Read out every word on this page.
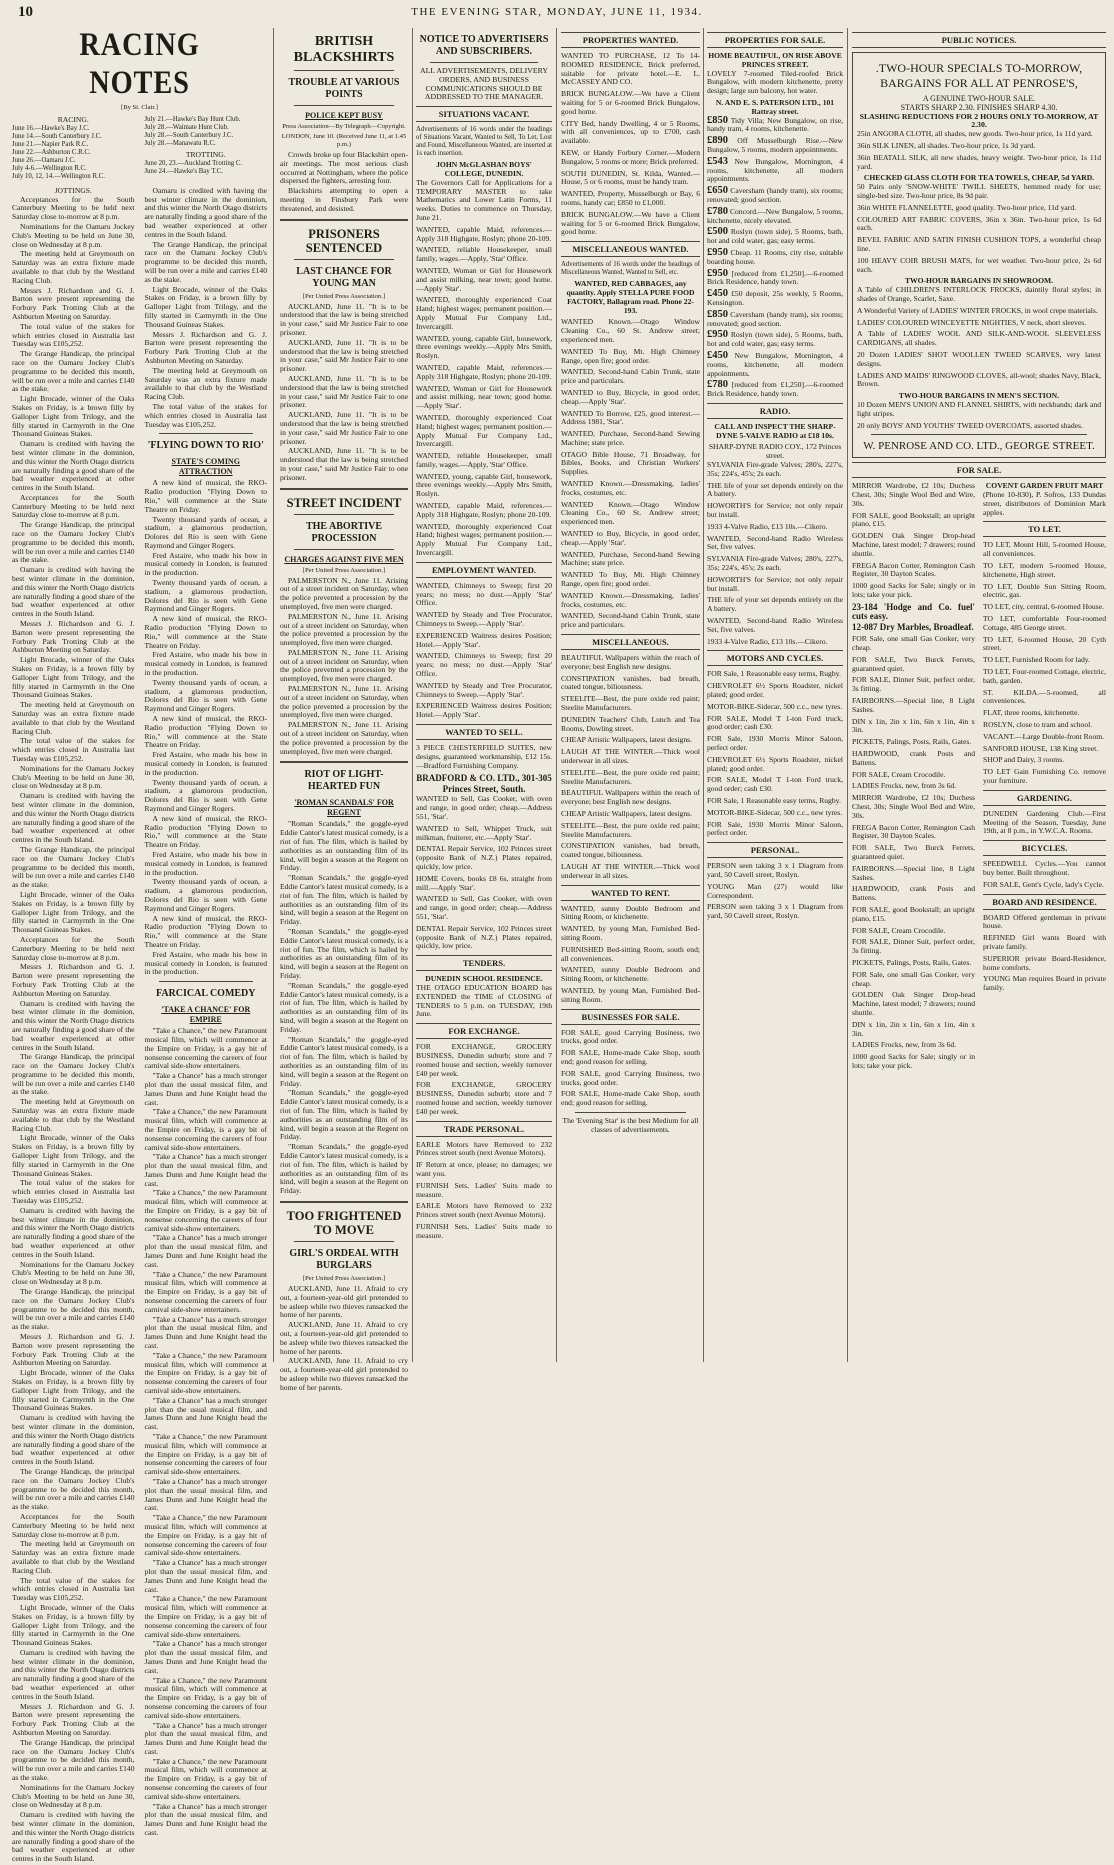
10	THE EVENING STAR, MONDAY, JUNE 11, 1934.
RACING NOTES
[By St. Clair.]
RACING.
June 16.—Hawke's Bay J.C.
June 14.—South Canterbury J.C.
June 21.—Napier Park R.C.
June 22.—Ashburton C.R.C.
June 26.—Oamaru J.C.
July 4-6.—Wellington R.C.
July 10, 12, 14.—Wellington R.C.
July 21.—Hawke's Bay Hunt Club.
July 28.—Waimate Hunt Club.
July 28.—South Canterbury J.C.
July 28.—Manawatu R.C.
TROTTING.
June 20, 23.—Auckland Trotting C.
June 24.—Hawke's Bay T.C.
JOTTINGS.

Acceptances for the South Canterbury Meeting to be held next Saturday close to-morrow at 8 p.m.

Nominations for the Oamaru Jockey Club's Meeting to be held on June 30, close on Wednesday at 8 p.m.

The meeting held at Greymouth on Saturday was an extra fixture made available to that club by the Westland Racing Club.

Messrs J. Richardson and G. J. Barton were present representing the Forbury Park Trotting Club at the Ashburton Meeting on Saturday.

The total value of the stakes for which entries closed in Australia last Tuesday was £105,252.

The Grange Handicap, the principal race on the Oamaru Jockey Club's programme to be decided this month, will be run over a mile and carries £140 as the stake.

Light Brocade, winner of the Oaks Stakes on Friday, is a brown filly by Galloper Light from Trilogy, and the filly started in Carmyrnth in the One Thousand Guineas Stakes.

Oamaru is credited with having the best winter climate in the dominion, and this winter the North Otago districts are naturally finding a good share of the bad weather experienced at other centres in the South Island.

Acceptances for the South Canterbury Meeting to be held next Saturday close to-morrow at 8 p.m.

The Grange Handicap, the principal race on the Oamaru Jockey Club's programme to be decided this month, will be run over a mile and carries £140 as the stake.

Oamaru is credited with having the best winter climate in the dominion, and this winter the North Otago districts are naturally finding a good share of the bad weather experienced at other centres in the South Island.

Messrs J. Richardson and G. J. Barton were present representing the Forbury Park Trotting Club at the Ashburton Meeting on Saturday.

Light Brocade, winner of the Oaks Stakes on Friday, is a brown filly by Galloper Light from Trilogy, and the filly started in Carmyrnth in the One Thousand Guineas Stakes.

The meeting held at Greymouth on Saturday was an extra fixture made available to that club by the Westland Racing Club.

The total value of the stakes for which entries closed in Australia last Tuesday was £105,252.

Nominations for the Oamaru Jockey Club's Meeting to be held on June 30, close on Wednesday at 8 p.m.

Oamaru is credited with having the best winter climate in the dominion, and this winter the North Otago districts are naturally finding a good share of the bad weather experienced at other centres in the South Island.

The Grange Handicap, the principal race on the Oamaru Jockey Club's programme to be decided this month, will be run over a mile and carries £140 as the stake.

Light Brocade, winner of the Oaks Stakes on Friday, is a brown filly by Galloper Light from Trilogy, and the filly started in Carmyrnth in the One Thousand Guineas Stakes.

Acceptances for the South Canterbury Meeting to be held next Saturday close to-morrow at 8 p.m.

Messrs J. Richardson and G. J. Barton were present representing the Forbury Park Trotting Club at the Ashburton Meeting on Saturday.

Oamaru is credited with having the best winter climate in the dominion, and this winter the North Otago districts are naturally finding a good share of the bad weather experienced at other centres in the South Island.

The Grange Handicap, the principal race on the Oamaru Jockey Club's programme to be decided this month, will be run over a mile and carries £140 as the stake.

The meeting held at Greymouth on Saturday was an extra fixture made available to that club by the Westland Racing Club.

Light Brocade, winner of the Oaks Stakes on Friday, is a brown filly by Galloper Light from Trilogy, and the filly started in Carmyrnth in the One Thousand Guineas Stakes.

The total value of the stakes for which entries closed in Australia last Tuesday was £105,252.

Oamaru is credited with having the best winter climate in the dominion, and this winter the North Otago districts are naturally finding a good share of the bad weather experienced at other centres in the South Island.

Nominations for the Oamaru Jockey Club's Meeting to be held on June 30, close on Wednesday at 8 p.m.

The Grange Handicap, the principal race on the Oamaru Jockey Club's programme to be decided this month, will be run over a mile and carries £140 as the stake.

Messrs J. Richardson and G. J. Barton were present representing the Forbury Park Trotting Club at the Ashburton Meeting on Saturday.

Light Brocade, winner of the Oaks Stakes on Friday, is a brown filly by Galloper Light from Trilogy, and the filly started in Carmyrnth in the One Thousand Guineas Stakes.

Oamaru is credited with having the best winter climate in the dominion, and this winter the North Otago districts are naturally finding a good share of the bad weather experienced at other centres in the South Island.

The Grange Handicap, the principal race on the Oamaru Jockey Club's programme to be decided this month, will be run over a mile and carries £140 as the stake.

Acceptances for the South Canterbury Meeting to be held next Saturday close to-morrow at 8 p.m.

The meeting held at Greymouth on Saturday was an extra fixture made available to that club by the Westland Racing Club.

The total value of the stakes for which entries closed in Australia last Tuesday was £105,252.

Light Brocade, winner of the Oaks Stakes on Friday, is a brown filly by Galloper Light from Trilogy, and the filly started in Carmyrnth in the One Thousand Guineas Stakes.

Oamaru is credited with having the best winter climate in the dominion, and this winter the North Otago districts are naturally finding a good share of the bad weather experienced at other centres in the South Island.

Messrs J. Richardson and G. J. Barton were present representing the Forbury Park Trotting Club at the Ashburton Meeting on Saturday.

The Grange Handicap, the principal race on the Oamaru Jockey Club's programme to be decided this month, will be run over a mile and carries £140 as the stake.

Nominations for the Oamaru Jockey Club's Meeting to be held on June 30, close on Wednesday at 8 p.m.

Oamaru is credited with having the best winter climate in the dominion, and this winter the North Otago districts are naturally finding a good share of the bad weather experienced at other centres in the South Island.

Oamaru is credited with having the best winter climate in the dominion, and this winter the North Otago districts are naturally finding a good share of the bad weather experienced at other centres in the South Island.

The Grange Handicap, the principal race on the Oamaru Jockey Club's programme to be decided this month, will be run over a mile and carries £140 as the stake.

Light Brocade, winner of the Oaks Stakes on Friday, is a brown filly by Galloper Light from Trilogy, and the filly started in Carmyrnth in the One Thousand Guineas Stakes.

Messrs J. Richardson and G. J. Barton were present representing the Forbury Park Trotting Club at the Ashburton Meeting on Saturday.

The meeting held at Greymouth on Saturday was an extra fixture made available to that club by the Westland Racing Club.

The total value of the stakes for which entries closed in Australia last Tuesday was £105,252.

'FLYING DOWN TO RIO'
STATE'S COMING ATTRACTION

A new kind of musical, the RKO-Radio production "Flying Down to Rio," will commence at the State Theatre on Friday.

Twenty thousand yards of ocean, a stadium, a glamorous production, Dolores del Rio is seen with Gene Raymond and Ginger Rogers.

Fred Astaire, who made his bow in musical comedy in London, is featured in the production.

Twenty thousand yards of ocean, a stadium, a glamorous production, Dolores del Rio is seen with Gene Raymond and Ginger Rogers.

A new kind of musical, the RKO-Radio production "Flying Down to Rio," will commence at the State Theatre on Friday.

Fred Astaire, who made his bow in musical comedy in London, is featured in the production.

Twenty thousand yards of ocean, a stadium, a glamorous production, Dolores del Rio is seen with Gene Raymond and Ginger Rogers.

A new kind of musical, the RKO-Radio production "Flying Down to Rio," will commence at the State Theatre on Friday.

Fred Astaire, who made his bow in musical comedy in London, is featured in the production.

Twenty thousand yards of ocean, a stadium, a glamorous production, Dolores del Rio is seen with Gene Raymond and Ginger Rogers.

A new kind of musical, the RKO-Radio production "Flying Down to Rio," will commence at the State Theatre on Friday.

Fred Astaire, who made his bow in musical comedy in London, is featured in the production.

Twenty thousand yards of ocean, a stadium, a glamorous production, Dolores del Rio is seen with Gene Raymond and Ginger Rogers.

A new kind of musical, the RKO-Radio production "Flying Down to Rio," will commence at the State Theatre on Friday.

Fred Astaire, who made his bow in musical comedy in London, is featured in the production.

FARCICAL COMEDY
'TAKE A CHANCE' FOR EMPIRE

"Take a Chance," the new Paramount musical film, which will commence at the Empire on Friday, is a gay bit of nonsense concerning the careers of four carnival side-show entertainers.

"Take a Chance" has a much stronger plot than the usual musical film, and James Dunn and June Knight head the cast.

"Take a Chance," the new Paramount musical film, which will commence at the Empire on Friday, is a gay bit of nonsense concerning the careers of four carnival side-show entertainers.

"Take a Chance" has a much stronger plot than the usual musical film, and James Dunn and June Knight head the cast.

"Take a Chance," the new Paramount musical film, which will commence at the Empire on Friday, is a gay bit of nonsense concerning the careers of four carnival side-show entertainers.

"Take a Chance" has a much stronger plot than the usual musical film, and James Dunn and June Knight head the cast.

"Take a Chance," the new Paramount musical film, which will commence at the Empire on Friday, is a gay bit of nonsense concerning the careers of four carnival side-show entertainers.

"Take a Chance" has a much stronger plot than the usual musical film, and James Dunn and June Knight head the cast.

"Take a Chance," the new Paramount musical film, which will commence at the Empire on Friday, is a gay bit of nonsense concerning the careers of four carnival side-show entertainers.

"Take a Chance" has a much stronger plot than the usual musical film, and James Dunn and June Knight head the cast.

"Take a Chance," the new Paramount musical film, which will commence at the Empire on Friday, is a gay bit of nonsense concerning the careers of four carnival side-show entertainers.

"Take a Chance" has a much stronger plot than the usual musical film, and James Dunn and June Knight head the cast.

"Take a Chance," the new Paramount musical film, which will commence at the Empire on Friday, is a gay bit of nonsense concerning the careers of four carnival side-show entertainers.

"Take a Chance" has a much stronger plot than the usual musical film, and James Dunn and June Knight head the cast.

"Take a Chance," the new Paramount musical film, which will commence at the Empire on Friday, is a gay bit of nonsense concerning the careers of four carnival side-show entertainers.

"Take a Chance" has a much stronger plot than the usual musical film, and James Dunn and June Knight head the cast.

"Take a Chance," the new Paramount musical film, which will commence at the Empire on Friday, is a gay bit of nonsense concerning the careers of four carnival side-show entertainers.

"Take a Chance" has a much stronger plot than the usual musical film, and James Dunn and June Knight head the cast.

"Take a Chance," the new Paramount musical film, which will commence at the Empire on Friday, is a gay bit of nonsense concerning the careers of four carnival side-show entertainers.

"Take a Chance" has a much stronger plot than the usual musical film, and James Dunn and June Knight head the cast.

BRITISH BLACKSHIRTS
TROUBLE AT VARIOUS POINTS
POLICE KEPT BUSY
Press Association—By Telegraph—Copyright.
LONDON, June 10. (Received June 11, at 1.45 p.m.)

Crowds broke up four Blackshirt open-air meetings. The most serious clash occurred at Nottingham, where the police dispersed the fighters, arresting four.

Blackshirts attempting to open a meeting in Finsbury Park were threatened, and desisted.

PRISONERS SENTENCED
LAST CHANCE FOR YOUNG MAN
[Per United Press Association.]

AUCKLAND, June 11. "It is to be understood that the law is being stretched in your case," said Mr Justice Fair to one prisoner.

AUCKLAND, June 11. "It is to be understood that the law is being stretched in your case," said Mr Justice Fair to one prisoner.

AUCKLAND, June 11. "It is to be understood that the law is being stretched in your case," said Mr Justice Fair to one prisoner.

AUCKLAND, June 11. "It is to be understood that the law is being stretched in your case," said Mr Justice Fair to one prisoner.

AUCKLAND, June 11. "It is to be understood that the law is being stretched in your case," said Mr Justice Fair to one prisoner.

STREET INCIDENT
THE ABORTIVE PROCESSION
CHARGES AGAINST FIVE MEN
[Per United Press Association.]

PALMERSTON N., June 11. Arising out of a street incident on Saturday, when the police prevented a procession by the unemployed, five men were charged.

PALMERSTON N., June 11. Arising out of a street incident on Saturday, when the police prevented a procession by the unemployed, five men were charged.

PALMERSTON N., June 11. Arising out of a street incident on Saturday, when the police prevented a procession by the unemployed, five men were charged.

PALMERSTON N., June 11. Arising out of a street incident on Saturday, when the police prevented a procession by the unemployed, five men were charged.

PALMERSTON N., June 11. Arising out of a street incident on Saturday, when the police prevented a procession by the unemployed, five men were charged.

RIOT OF LIGHT-HEARTED FUN
'ROMAN SCANDALS' FOR REGENT

"Roman Scandals," the goggle-eyed Eddie Cantor's latest musical comedy, is a riot of fun. The film, which is hailed by authorities as an outstanding film of its kind, will begin a season at the Regent on Friday.

"Roman Scandals," the goggle-eyed Eddie Cantor's latest musical comedy, is a riot of fun. The film, which is hailed by authorities as an outstanding film of its kind, will begin a season at the Regent on Friday.

"Roman Scandals," the goggle-eyed Eddie Cantor's latest musical comedy, is a riot of fun. The film, which is hailed by authorities as an outstanding film of its kind, will begin a season at the Regent on Friday.

"Roman Scandals," the goggle-eyed Eddie Cantor's latest musical comedy, is a riot of fun. The film, which is hailed by authorities as an outstanding film of its kind, will begin a season at the Regent on Friday.

"Roman Scandals," the goggle-eyed Eddie Cantor's latest musical comedy, is a riot of fun. The film, which is hailed by authorities as an outstanding film of its kind, will begin a season at the Regent on Friday.

"Roman Scandals," the goggle-eyed Eddie Cantor's latest musical comedy, is a riot of fun. The film, which is hailed by authorities as an outstanding film of its kind, will begin a season at the Regent on Friday.

"Roman Scandals," the goggle-eyed Eddie Cantor's latest musical comedy, is a riot of fun. The film, which is hailed by authorities as an outstanding film of its kind, will begin a season at the Regent on Friday.

TOO FRIGHTENED TO MOVE
GIRL'S ORDEAL WITH BURGLARS
[Per United Press Association.]

AUCKLAND, June 11. Afraid to cry out, a fourteen-year-old girl pretended to be asleep while two thieves ransacked the home of her parents.

AUCKLAND, June 11. Afraid to cry out, a fourteen-year-old girl pretended to be asleep while two thieves ransacked the home of her parents.

AUCKLAND, June 11. Afraid to cry out, a fourteen-year-old girl pretended to be asleep while two thieves ransacked the home of her parents.

NOTICE TO ADVERTISERS AND SUBSCRIBERS.

ALL ADVERTISEMENTS, DELIVERY ORDERS, AND BUSINESS COMMUNICATIONS SHOULD BE ADDRESSED TO THE MANAGER.

SITUATIONS VACANT.

Advertisements of 16 words under the headings of Situations Vacant, Wanted to Sell, To Let, Lost and Found, Miscellaneous Wanted, are inserted at 1s each insertion.

JOHN McGLASHAN BOYS' COLLEGE, DUNEDIN.

The Governors Call for Applications for a TEMPORARY MASTER to take Mathematics and Lower Latin Forms, 11 weeks. Duties to commence on Thursday, June 21.

WANTED, capable Maid, references.—Apply 318 Highgate, Roslyn; phone 20-109.

WANTED, reliable Housekeeper, small family, wages.—Apply, 'Star' Office.

WANTED, Woman or Girl for Housework and assist milking, near town; good home.—Apply 'Star'.

WANTED, thoroughly experienced Coat Hand; highest wages; permanent position.—Apply Mutual Fur Company Ltd., Invercargill.

WANTED, young, capable Girl, housework, three evenings weekly.—Apply Mrs Smith, Roslyn.

WANTED, capable Maid, references.—Apply 318 Highgate, Roslyn; phone 20-109.

WANTED, Woman or Girl for Housework and assist milking, near town; good home.—Apply 'Star'.

WANTED, thoroughly experienced Coat Hand; highest wages; permanent position.—Apply Mutual Fur Company Ltd., Invercargill.

WANTED, reliable Housekeeper, small family, wages.—Apply, 'Star' Office.

WANTED, young, capable Girl, housework, three evenings weekly.—Apply Mrs Smith, Roslyn.

WANTED, capable Maid, references.—Apply 318 Highgate, Roslyn; phone 20-109.

WANTED, thoroughly experienced Coat Hand; highest wages; permanent position.—Apply Mutual Fur Company Ltd., Invercargill.

EMPLOYMENT WANTED.

WANTED, Chimneys to Sweep; first 20 years; no mess; no dust.—Apply 'Star' Office.

WANTED by Steady and Tree Procurator, Chimneys to Sweep.—Apply 'Star'.

EXPERIENCED Waitress desires Position; Hotel.—Apply 'Star'.

WANTED, Chimneys to Sweep; first 20 years; no mess; no dust.—Apply 'Star' Office.

WANTED by Steady and Tree Procurator, Chimneys to Sweep.—Apply 'Star'.

EXPERIENCED Waitress desires Position; Hotel.—Apply 'Star'.

WANTED TO SELL.

3 PIECE CHESTERFIELD SUITES, new designs, guaranteed workmanship, £12 15s.—Bradford Furnishing Company.

BRADFORD & CO. LTD., 301-305 Princes Street, South.

WANTED to Sell, Gas Cooker, with oven and range, in good order; cheap.—Address 551, 'Star'.

WANTED to Sell, Whippet Truck, suit milkman, fruiterer, etc.—Apply 'Star'.

DENTAL Repair Service, 102 Princes street (opposite Bank of N.Z.) Plates repaired, quickly, low price.

HOME Covers, books £8 6s, straight from mill.—Apply 'Star'.

WANTED to Sell, Gas Cooker, with oven and range, in good order; cheap.—Address 551, 'Star'.

DENTAL Repair Service, 102 Princes street (opposite Bank of N.Z.) Plates repaired, quickly, low price.

TENDERS.
DUNEDIN SCHOOL RESIDENCE.

THE OTAGO EDUCATION BOARD has EXTENDED the TIME of CLOSING of TENDERS to 5 p.m. on TUESDAY, 19th June.

FOR EXCHANGE.

FOR EXCHANGE, GROCERY BUSINESS, Dunedin suburb; store and 7 roomed house and section, weekly turnover £40 per week.

FOR EXCHANGE, GROCERY BUSINESS, Dunedin suburb; store and 7 roomed house and section, weekly turnover £40 per week.

TRADE PERSONAL.

EARLE Motors have Removed to 232 Princes street south (next Avenue Motors).

IF Return at once, please; no damages; we want you.

FURNISH Sets, Ladies' Suits made to measure.

EARLE Motors have Removed to 232 Princes street south (next Avenue Motors).

FURNISH Sets, Ladies' Suits made to measure.

PROPERTIES WANTED.

WANTED TO PURCHASE, 12 To 14-ROOMED RESIDENCE, Brick preferred, suitable for private hotel.—E. L. McCASSEY AND CO.

BRICK BUNGALOW.—We have a Client waiting for 5 or 6-roomed Brick Bungalow, good home.

CITY Bed, handy Dwelling, 4 or 5 Rooms, with all conveniences, up to £700, cash available.

KEW, or Handy Forbury Corner.—Modern Bungalow, 5 rooms or more; Brick preferred.

SOUTH DUNEDIN, St. Kilda, Wanted.—House, 5 or 6 rooms, must be handy tram.

WANTED, Property, Musselburgh or Bay, 6 rooms, handy car; £850 to £1,000.

BRICK BUNGALOW.—We have a Client waiting for 5 or 6-roomed Brick Bungalow, good home.

MISCELLANEOUS WANTED.

Advertisements of 16 words under the headings of Miscellaneous Wanted, Wanted to Sell, etc.

WANTED, RED CABBAGES, any quantity. Apply STELLA PURE FOOD FACTORY, Ballagram road. Phone 22-193.

WANTED Known.—Otago Window Cleaning Co., 60 St. Andrew street; experienced men.

WANTED To Buy, Mt. High Chimney Range, open fire; good order.

WANTED, Second-hand Cabin Trunk, state price and particulars.

WANTED to Buy, Bicycle, in good order, cheap.—Apply 'Star'.

WANTED To Borrow, £25, good interest.—Address 1981, 'Star'.

WANTED, Purchase, Second-hand Sewing Machine; state price.

OTAGO Bible House, 71 Broadway, for Bibles, Books, and Christian Workers' Supplies.

WANTED Known.—Dressmaking, ladies' frocks, costumes, etc.

WANTED Known.—Otago Window Cleaning Co., 60 St. Andrew street; experienced men.

WANTED to Buy, Bicycle, in good order, cheap.—Apply 'Star'.

WANTED, Purchase, Second-hand Sewing Machine; state price.

WANTED To Buy, Mt. High Chimney Range, open fire; good order.

WANTED Known.—Dressmaking, ladies' frocks, costumes, etc.

WANTED, Second-hand Cabin Trunk, state price and particulars.

MISCELLANEOUS.

BEAUTIFUL Wallpapers within the reach of everyone; best English new designs.

CONSTIPATION vanishes, bad breath, coated tongue, biliousness.

STEELITE—Best, the pure oxide red paint; Steelite Manufacturers.

DUNEDIN Teachers' Club, Lunch and Tea Rooms, Dowling street.

CHEAP Artistic Wallpapers, latest designs.

LAUGH AT THE WINTER.—Thick wool underwear in all sizes.

STEELITE—Best, the pure oxide red paint; Steelite Manufacturers.

BEAUTIFUL Wallpapers within the reach of everyone; best English new designs.

CHEAP Artistic Wallpapers, latest designs.

STEELITE—Best, the pure oxide red paint; Steelite Manufacturers.

CONSTIPATION vanishes, bad breath, coated tongue, biliousness.

LAUGH AT THE WINTER.—Thick wool underwear in all sizes.

WANTED TO RENT.

WANTED, sunny Double Bedroom and Sitting Room, or kitchenette.

WANTED, by young Man, Furnished Bed-sitting Room.

FURNISHED Bed-sitting Room, south end; all conveniences.

WANTED, sunny Double Bedroom and Sitting Room, or kitchenette.

WANTED, by young Man, Furnished Bed-sitting Room.

BUSINESSES FOR SALE.

FOR SALE, good Carrying Business, two trucks, good order.

FOR SALE, Home-made Cake Shop, south end; good reason for selling.

FOR SALE, good Carrying Business, two trucks, good order.

FOR SALE, Home-made Cake Shop, south end; good reason for selling.

The 'Evening Star' is the best Medium for all classes of advertisements.

PROPERTIES FOR SALE.
HOME BEAUTIFUL, ON RISE ABOVE PRINCES STREET.

LOVELY 7-roomed Tiled-roofed Brick Bungalow, with modern kitchenette, pretty design; large sun balcony, hot water.

N. AND E. S. PATERSON LTD., 101 Rattray street.
£850 Tidy Villa; New Bungalow, on rise, handy tram, 4 rooms, kitchenette.
£890 Off Musselburgh Rise.—New Bungalow, 5 rooms, modern appointments.
£543 New Bungalow, Mornington, 4 rooms, kitchenette, all modern appointments.
£650 Caversham (handy tram), six rooms; renovated; good section.
£780 Concord.—New Bungalow, 5 rooms, kitchenette, nicely elevated.
£500 Roslyn (town side), 5 Rooms, bath, hot and cold water, gas; easy terms.
£950 Cheap. 11 Rooms, city rise, suitable boarding house.
£950 [reduced from £1,250].—6-roomed Brick Residence, handy town.
£450 £50 deposit, 25s weekly, 5 Rooms, Kensington.
£850 Caversham (handy tram), six rooms; renovated; good section.
£950 Roslyn (town side), 5 Rooms, bath, hot and cold water, gas; easy terms.
£450 New Bungalow, Mornington, 4 rooms, kitchenette, all modern appointments.
£780 [reduced from £1,250].—6-roomed Brick Residence, handy town.
RADIO.

CALL AND INSPECT THE SHARP-DYNE 5-VALVE RADIO at £18 10s.

SHARP-DYNE RADIO COY., 172 Princes street.

SYLVANIA Fire-grade Valves; 280's, 227's, 35s; 224's, 45's; 2s each.

THE life of your set depends entirely on the A battery.

HOWORTH'S for Service; not only repair but install.

1933 4-Valve Radio, £13 10s.—Cikero.

WANTED, Second-hand Radio Wireless Set, five valves.

SYLVANIA Fire-grade Valves; 280's, 227's, 35s; 224's, 45's; 2s each.

HOWORTH'S for Service; not only repair but install.

THE life of your set depends entirely on the A battery.

WANTED, Second-hand Radio Wireless Set, five valves.

1933 4-Valve Radio, £13 10s.—Cikero.

MOTORS AND CYCLES.

FOR Sale, 1 Reasonable easy terms, Rugby.

CHEVROLET 6½ Sports Roadster, nickel plated; good order.

MOTOR-BIKE-Sidecar, 500 c.c., new tyres.

FOR SALE, Model T 1-ton Ford truck, good order; cash £30.

FOR Sale, 1930 Morris Minor Saloon, perfect order.

CHEVROLET 6½ Sports Roadster, nickel plated; good order.

FOR SALE, Model T 1-ton Ford truck, good order; cash £30.

FOR Sale, 1 Reasonable easy terms, Rugby.

MOTOR-BIKE-Sidecar, 500 c.c., new tyres.

FOR Sale, 1930 Morris Minor Saloon, perfect order.

PERSONAL.

PERSON seen taking 3 x 1 Diagram from yard, 50 Cavell street, Roslyn.

YOUNG Man (27) would like Correspondent.

PERSON seen taking 3 x 1 Diagram from yard, 50 Cavell street, Roslyn.

PUBLIC NOTICES.
.TWO-HOUR SPECIALS TO-MORROW,
BARGAINS FOR ALL AT PENROSE'S,
A GENUINE TWO-HOUR SALE.
STARTS SHARP 2.30. FINISHES SHARP 4.30.
SLASHING REDUCTIONS FOR 2 HOURS ONLY TO-MORROW, AT 2.30.

25in ANGORA CLOTH, all shades, new goods. Two-hour price, 1s 11d yard.

36in SILK LINEN, all shades. Two-hour price, 1s 3d yard.

36in BEATALL SILK, all new shades, heavy weight. Two-hour price, 1s 11d yard.

CHECKED GLASS CLOTH FOR TEA TOWELS, CHEAP, 5d YARD.

50 Pairs only 'SNOW-WHITE' TWILL SHEETS, hemmed ready for use; single-bed size. Two-hour price, 8s 9d pair.

36in WHITE FLANNELETTE, good quality. Two-hour price, 11d yard.

COLOURED ART FABRIC COVERS, 36in x 36in. Two-hour price, 1s 6d each.

BEVEL FABRIC AND SATIN FINISH CUSHION TOPS, a wonderful cheap line.

100 HEAVY COIR BRUSH MATS, for wet weather. Two-hour price, 2s 6d each.

TWO-HOUR BARGAINS IN SHOWROOM.

A Table of CHILDREN'S INTERLOCK FROCKS, daintily floral styles; in shades of Orange, Scarlet, Saxe.

A Wonderful Variety of LADIES' WINTER FROCKS, in wool crepe materials.

LADIES' COLOURED WINCEYETTE NIGHTIES, V neck, short sleeves.

A Table of LADIES' WOOL AND SILK-AND-WOOL SLEEVELESS CARDIGANS, all shades.

20 Dozen LADIES' SHOT WOOLLEN TWEED SCARVES, very latest designs.

LADIES AND MAIDS' RINGWOOD CLOVES, all-wool; shades Navy, Black, Brown.

TWO-HOUR BARGAINS IN MEN'S SECTION.

10 Dozen MEN'S UNION AND FLANNEL SHIRTS, with neckbands; dark and light stripes.

20 only BOYS' AND YOUTHS' TWEED OVERCOATS, assorted shades.

W. PENROSE AND CO. LTD., GEORGE STREET.
FOR SALE.

MIRROR Wardrobe, £2 10s; Duchess Chest, 30s; Single Wool Bed and Wire, 30s.

FOR SALE, good Bookstall; an upright piano, £15.

GOLDEN Oak Singer Drop-head Machine, latest model; 7 drawers; round shuttle.

FREGA Bacon Cotter, Remington Cash Register, 30 Dayton Scales.

1000 good Sacks for Sale; singly or in lots; take your pick.

23-184 'Hodge and Co. fuel' cuts easy.

12-087 Dry Marbles, Broadleaf.

FOR Sale, one small Gas Cooker, very cheap.

FOR SALE, Two Burck Ferrets, guaranteed quiet.

FOR SALE, Dinner Suit, perfect order, 3s fitting.

FAIRBORNS.—Special line, 8 Light Sashes.

DIN x 1in, 2in x 1in, 6in x 1in, 4in x 3in.

PICKETS, Palings, Posts, Rails, Gates.

HARDWOOD, crank Posts and Battens.

FOR SALE, Cream Crocodile.

LADIES Frocks, new, from 3s 6d.

MIRROR Wardrobe, £2 10s; Duchess Chest, 30s; Single Wool Bed and Wire, 30s.

FREGA Bacon Cotter, Remington Cash Register, 30 Dayton Scales.

FOR SALE, Two Burck Ferrets, guaranteed quiet.

FAIRBORNS.—Special line, 8 Light Sashes.

HARDWOOD, crank Posts and Battens.

FOR SALE, good Bookstall; an upright piano, £15.

FOR SALE, Cream Crocodile.

FOR SALE, Dinner Suit, perfect order, 3s fitting.

PICKETS, Palings, Posts, Rails, Gates.

FOR Sale, one small Gas Cooker, very cheap.

GOLDEN Oak Singer Drop-head Machine, latest model; 7 drawers; round shuttle.

DIN x 1in, 2in x 1in, 6in x 1in, 4in x 3in.

LADIES Frocks, new, from 3s 6d.

1000 good Sacks for Sale; singly or in lots; take your pick.

COVENT GARDEN FRUIT MART

(Phone 10-830), P. Sofros, 133 Dundas street, distributors of Dominion Mark apples.

TO LET.

TO LET, Mount Hill, 5-roomed House, all conveniences.

TO LET, modern 5-roomed House, kitchenette, High street.

TO LET, Double Sun Sitting Room, electric, gas.

TO LET, city, central, 6-roomed House.

TO LET, comfortable Four-roomed Cottage, 485 George street.

TO LET, 6-roomed House, 20 Cyth street.

TO LET, Furnished Room for lady.

TO LET, Four-roomed Cottage, electric, bath, garden.

ST. KILDA.—5-roomed, all conveniences.

FLAT, three rooms, kitchenette.

ROSLYN, close to tram and school.

VACANT.—Large Double-front Room.

SANFORD HOUSE, 138 King street.

SHOP and Dairy, 3 rooms.

TO LET Gain Furnishing Co. remove your furniture.

GARDENING.

DUNEDIN Gardening Club.—First Meeting of the Season, Tuesday, June 19th, at 8 p.m., in Y.W.C.A. Rooms.

BICYCLES.

SPEEDWELL Cycles.—You cannot buy better. Built throughout.

FOR SALE, Gent's Cycle, lady's Cycle.

BOARD AND RESIDENCE.

BOARD Offered gentleman in private house.

REFINED Girl wants Board with private family.

SUPERIOR private Board-Residence, home comforts.

YOUNG Man requires Board in private family.
